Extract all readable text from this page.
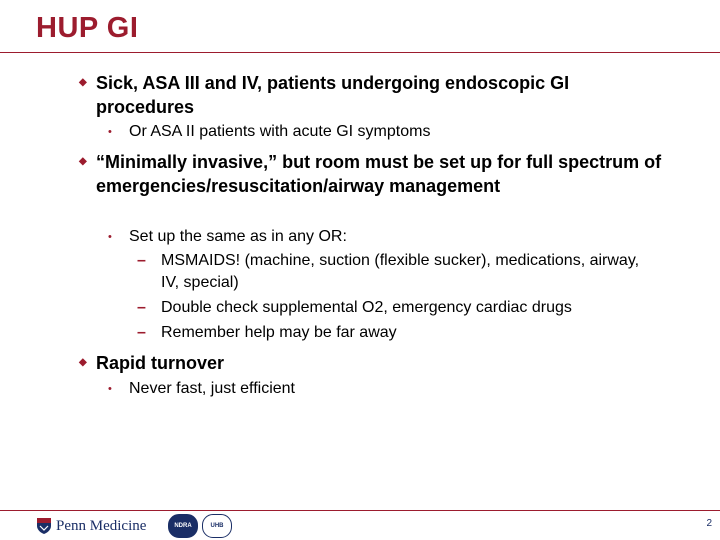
HUP GI
◆ Sick, ASA III and IV, patients undergoing endoscopic GI procedures
• Or ASA II patients with acute GI symptoms
◆ “Minimally invasive,” but room must be set up for full spectrum of emergencies/resuscitation/airway management
• Set up the same as in any OR:
– MSMAIDS! (machine, suction (flexible sucker), medications, airway, IV, special)
– Double check supplemental O2, emergency cardiac drugs
– Remember help may be far away
◆ Rapid turnover
• Never fast, just efficient
Penn Medicine	NDRA	UHB	2
